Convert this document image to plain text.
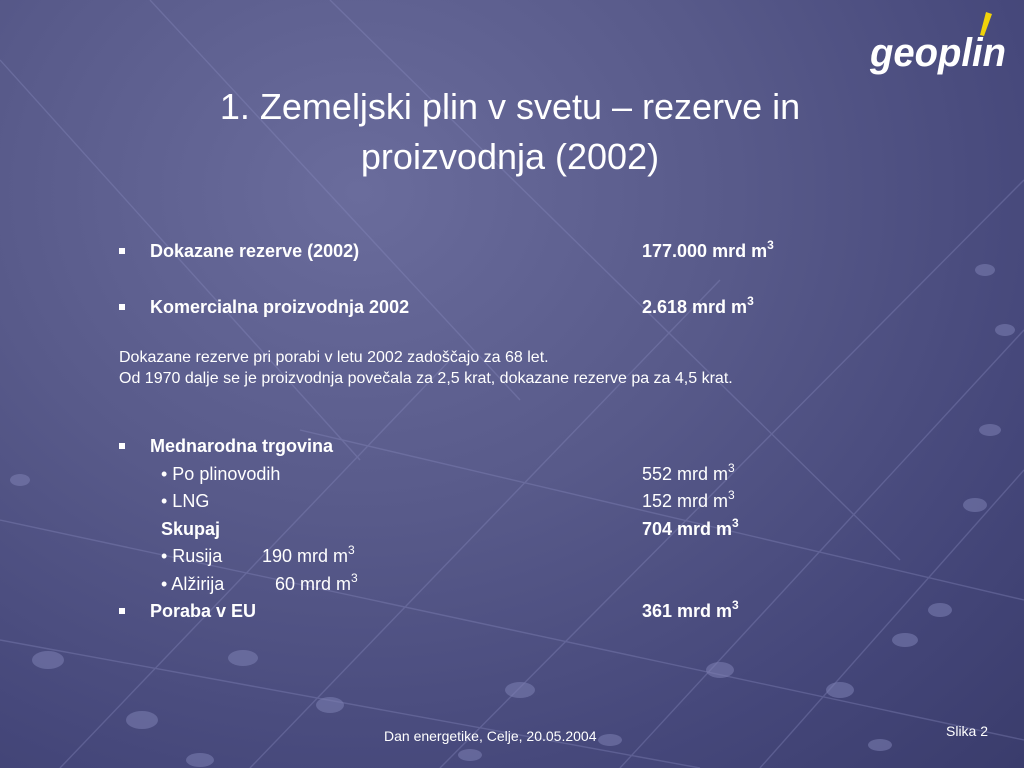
geoplin
1. Zemeljski plin v svetu – rezerve in
proizvodnja (2002)
Dokazane rezerve (2002)	177.000 mrd $m^3$
Komercialna proizvodnja 2002	2.618 mrd $m^3$
Dokazane rezerve pri porabi v letu 2002 zadoščajo za 68 let.
Od 1970 dalje se je proizvodnja povečala za 2,5 krat, dokazane rezerve pa za 4,5 krat.
Mednarodna trgovina
• Po plinovodih	552 mrd $m^3$
• LNG	152 mrd $m^3$
Skupaj	704 mrd $m^3$
• Rusija 190 mrd $m^3$
• Alžirija	60 mrd $m^3$
Poraba v EU	361 mrd $m^3$
Dan energetike, Celje, 20.05.2004	Slika 2
